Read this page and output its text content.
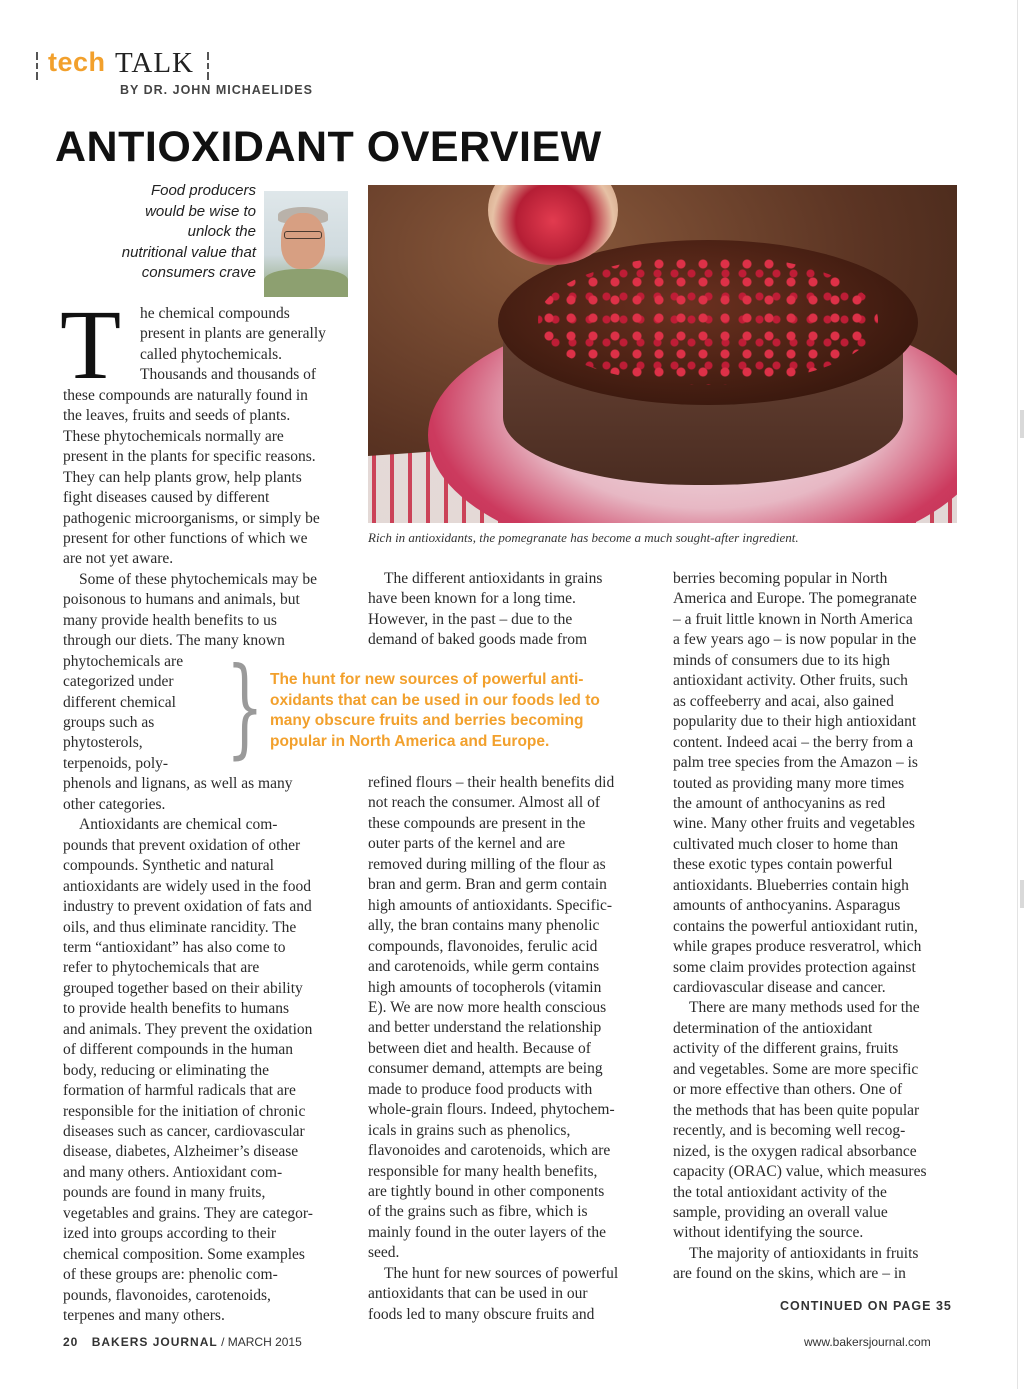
tech TALK
BY DR. JOHN MICHAELIDES
ANTIOXIDANT OVERVIEW

Food producers
would be wise to
unlock the
nutritional value that
consumers crave

Rich in antioxidants, the pomegranate has become a much sought-after ingredient.

T he chemical compounds
present in plants are generally
called phytochemicals.
Thousands and thousands of
these compounds are naturally found in
the leaves, fruits and seeds of plants.
These phytochemicals normally are
present in the plants for specific reasons.
They can help plants grow, help plants
fight diseases caused by different
pathogenic microorganisms, or simply be
present for other functions of which we
are not yet aware.
Some of these phytochemicals may be
poisonous to humans and animals, but
many provide health benefits to us
through our diets. The many known
phytochemicals are
categorized under
different chemical
groups such as
phytosterols,
terpenoids, poly-
phenols and lignans, as well as many
other categories.
Antioxidants are chemical com-
pounds that prevent oxidation of other
compounds. Synthetic and natural
antioxidants are widely used in the food
industry to prevent oxidation of fats and
oils, and thus eliminate rancidity. The
term “antioxidant” has also come to
refer to phytochemicals that are
grouped together based on their ability
to provide health benefits to humans
and animals. They prevent the oxidation
of different compounds in the human
body, reducing or eliminating the
formation of harmful radicals that are
responsible for the initiation of chronic
diseases such as cancer, cardiovascular
disease, diabetes, Alzheimer’s disease
and many others. Antioxidant com-
pounds are found in many fruits,
vegetables and grains. They are categor-
ized into groups according to their
chemical composition. Some examples
of these groups are: phenolic com-
pounds, flavonoides, carotenoids,
terpenes and many others.
The different antioxidants in grains
have been known for a long time.
However, in the past – due to the
demand of baked goods made from
refined flours – their health benefits did
not reach the consumer. Almost all of
these compounds are present in the
outer parts of the kernel and are
removed during milling of the flour as
bran and germ. Bran and germ contain
high amounts of antioxidants. Specific-
ally, the bran contains many phenolic
compounds, flavonoides, ferulic acid
and carotenoids, while germ contains
high amounts of tocopherols (vitamin
E). We are now more health conscious
and better understand the relationship
between diet and health. Because of
consumer demand, attempts are being
made to produce food products with
whole-grain flours. Indeed, phytochem-
icals in grains such as phenolics,
flavonoides and carotenoids, which are
responsible for many health benefits,
are tightly bound in other components
of the grains such as fibre, which is
mainly found in the outer layers of the
seed.
The hunt for new sources of powerful
antioxidants that can be used in our
foods led to many obscure fruits and
berries becoming popular in North
America and Europe. The pomegranate
– a fruit little known in North America
a few years ago – is now popular in the
minds of consumers due to its high
antioxidant activity. Other fruits, such
as coffeeberry and acai, also gained
popularity due to their high antioxidant
content. Indeed acai – the berry from a
palm tree species from the Amazon – is
touted as providing many more times
the amount of anthocyanins as red
wine. Many other fruits and vegetables
cultivated much closer to home than
these exotic types contain powerful
antioxidants. Blueberries contain high
amounts of anthocyanins. Asparagus
contains the powerful antioxidant rutin,
while grapes produce resveratrol, which
some claim provides protection against
cardiovascular disease and cancer.
There are many methods used for the
determination of the antioxidant
activity of the different grains, fruits
and vegetables. Some are more specific
or more effective than others. One of
the methods that has been quite popular
recently, and is becoming well recog-
nized, is the oxygen radical absorbance
capacity (ORAC) value, which measures
the total antioxidant activity of the
sample, providing an overall value
without identifying the source.
The majority of antioxidants in fruits
are found on the skins, which are – in
} The hunt for new sources of powerful anti-
oxidants that can be used in our foods led to
many obscure fruits and berries becoming
popular in North America and Europe.
CONTINUED ON PAGE 35
20 BAKERS JOURNAL / MARCH 2015	www.bakersjournal.com
